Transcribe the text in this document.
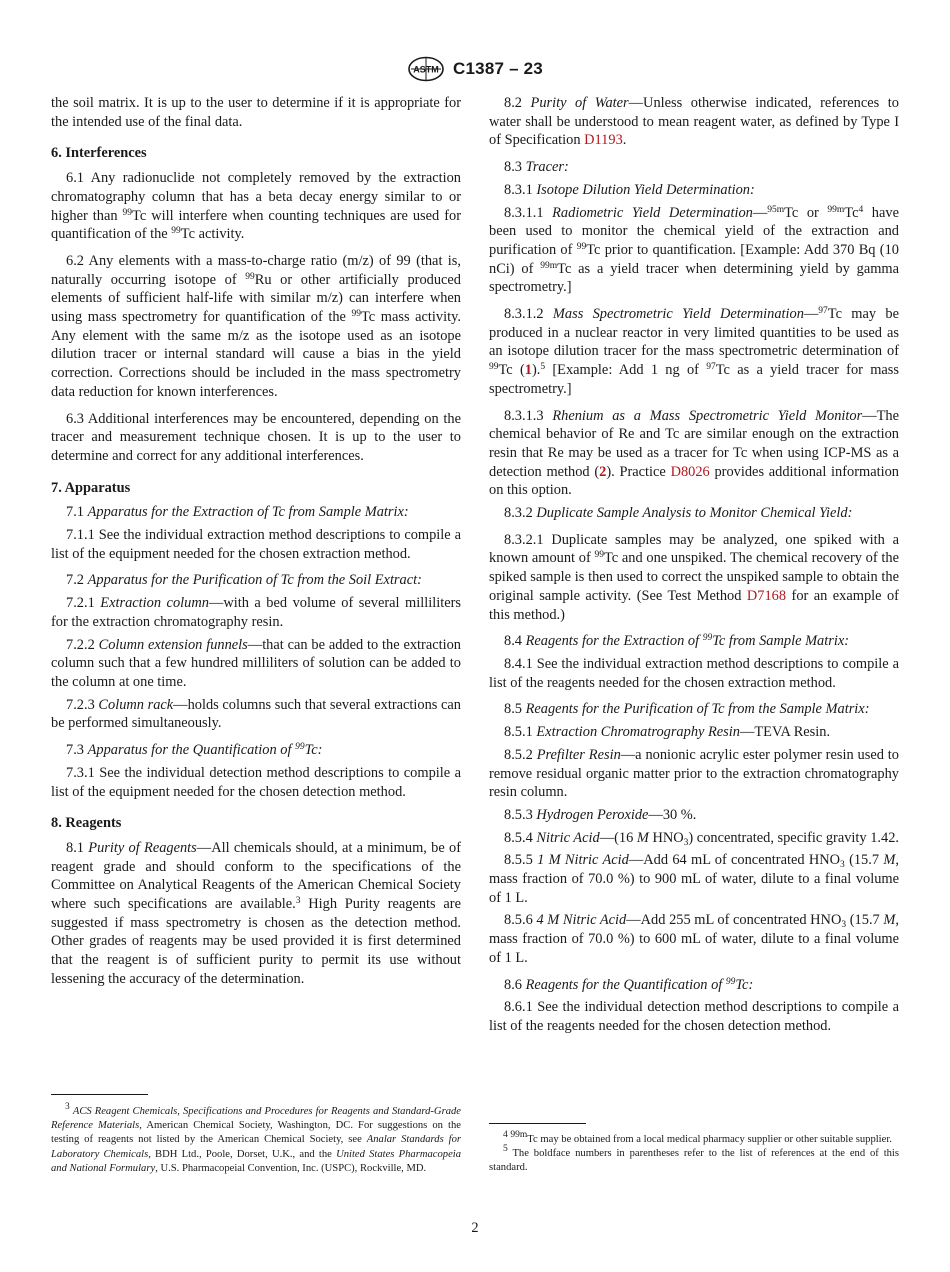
ASTM C1387 – 23

the soil matrix. It is up to the user to determine if it is appropriate for the intended use of the final data.

6. Interferences

6.1 Any radionuclide not completely removed by the extraction chromatography column that has a beta decay energy similar to or higher than $^{99}$Tc will interfere when counting techniques are used for quantification of the $^{99}$Tc activity.

6.2 Any elements with a mass-to-charge ratio (m/z) of 99 (that is, naturally occurring isotope of $^{99}$Ru or other artificially produced elements of sufficient half-life with similar m/z) can interfere when using mass spectrometry for quantification of the $^{99}$Tc mass activity. Any element with the same m/z as the isotope used as an isotope dilution tracer or internal standard will cause a bias in the yield correction. Corrections should be included in the mass spectrometry data reduction for known interferences.

6.3 Additional interferences may be encountered, depending on the tracer and measurement technique chosen. It is up to the user to determine and correct for any additional interferences.

7. Apparatus

7.1 Apparatus for the Extraction of Tc from Sample Matrix:

7.1.1 See the individual extraction method descriptions to compile a list of the equipment needed for the chosen extraction method.

7.2 Apparatus for the Purification of Tc from the Soil Extract:

7.2.1 Extraction column—with a bed volume of several milliliters for the extraction chromatography resin.

7.2.2 Column extension funnels—that can be added to the extraction column such that a few hundred milliliters of solution can be added to the column at one time.

7.2.3 Column rack—holds columns such that several extractions can be performed simultaneously.

7.3 Apparatus for the Quantification of $^{99}$Tc:

7.3.1 See the individual detection method descriptions to compile a list of the equipment needed for the chosen detection method.

8. Reagents

8.1 Purity of Reagents—All chemicals should, at a minimum, be of reagent grade and should conform to the specifications of the Committee on Analytical Reagents of the American Chemical Society where such specifications are available.$^3$ High Purity reagents are suggested if mass spectrometry is chosen as the detection method. Other grades of reagents may be used provided it is first determined that the reagent is of sufficient purity to permit its use without lessening the accuracy of the determination.

8.2 Purity of Water—Unless otherwise indicated, references to water shall be understood to mean reagent water, as defined by Type I of Specification D1193.

8.3 Tracer:

8.3.1 Isotope Dilution Yield Determination:

8.3.1.1 Radiometric Yield Determination—$^{95m}$Tc or $^{99m}$Tc$^4$ have been used to monitor the chemical yield of the extraction and purification of $^{99}$Tc prior to quantification. [Example: Add 370 Bq (10 nCi) of $^{99m}$Tc as a yield tracer when determining yield by gamma spectrometry.]

8.3.1.2 Mass Spectrometric Yield Determination—$^{97}$Tc may be produced in a nuclear reactor in very limited quantities to be used as an isotope dilution tracer for the mass spectrometric determination of $^{99}$Tc (1).$^5$ [Example: Add 1 ng of $^{97}$Tc as a yield tracer for mass spectrometry.]

8.3.1.3 Rhenium as a Mass Spectrometric Yield Monitor—The chemical behavior of Re and Tc are similar enough on the extraction resin that Re may be used as a tracer for Tc when using ICP-MS as a detection method (2). Practice D8026 provides additional information on this option.

8.3.2 Duplicate Sample Analysis to Monitor Chemical Yield:

8.3.2.1 Duplicate samples may be analyzed, one spiked with a known amount of $^{99}$Tc and one unspiked. The chemical recovery of the spiked sample is then used to correct the unspiked sample to obtain the original sample activity. (See Test Method D7168 for an example of this method.)

8.4 Reagents for the Extraction of $^{99}$Tc from Sample Matrix:

8.4.1 See the individual extraction method descriptions to compile a list of the reagents needed for the chosen extraction method.

8.5 Reagents for the Purification of Tc from the Sample Matrix:

8.5.1 Extraction Chromatrography Resin—TEVA Resin.

8.5.2 Prefilter Resin—a nonionic acrylic ester polymer resin used to remove residual organic matter prior to the extraction chromatography resin column.

8.5.3 Hydrogen Peroxide—30 %.

8.5.4 Nitric Acid—(16 M $HNO_3$) concentrated, specific gravity 1.42.

8.5.5 1 M Nitric Acid—Add 64 mL of concentrated $HNO_3$ (15.7 M, mass fraction of 70.0 %) to 900 mL of water, dilute to a final volume of 1 L.

8.5.6 4 M Nitric Acid—Add 255 mL of concentrated $HNO_3$ (15.7 M, mass fraction of 70.0 %) to 600 mL of water, dilute to a final volume of 1 L.

8.6 Reagents for the Quantification of $^{99}$Tc:

8.6.1 See the individual detection method descriptions to compile a list of the reagents needed for the chosen detection method.

$^3$ ACS Reagent Chemicals, Specifications and Procedures for Reagents and Standard-Grade Reference Materials, American Chemical Society, Washington, DC. For suggestions on the testing of reagents not listed by the American Chemical Society, see Analar Standards for Laboratory Chemicals, BDH Ltd., Poole, Dorset, U.K., and the United States Pharmacopeia and National Formulary, U.S. Pharmacopeial Convention, Inc. (USPC), Rockville, MD.

$^4$ $^{99m}$Tc may be obtained from a local medical pharmacy supplier or other suitable supplier.

$^5$ The boldface numbers in parentheses refer to the list of references at the end of this standard.

2
